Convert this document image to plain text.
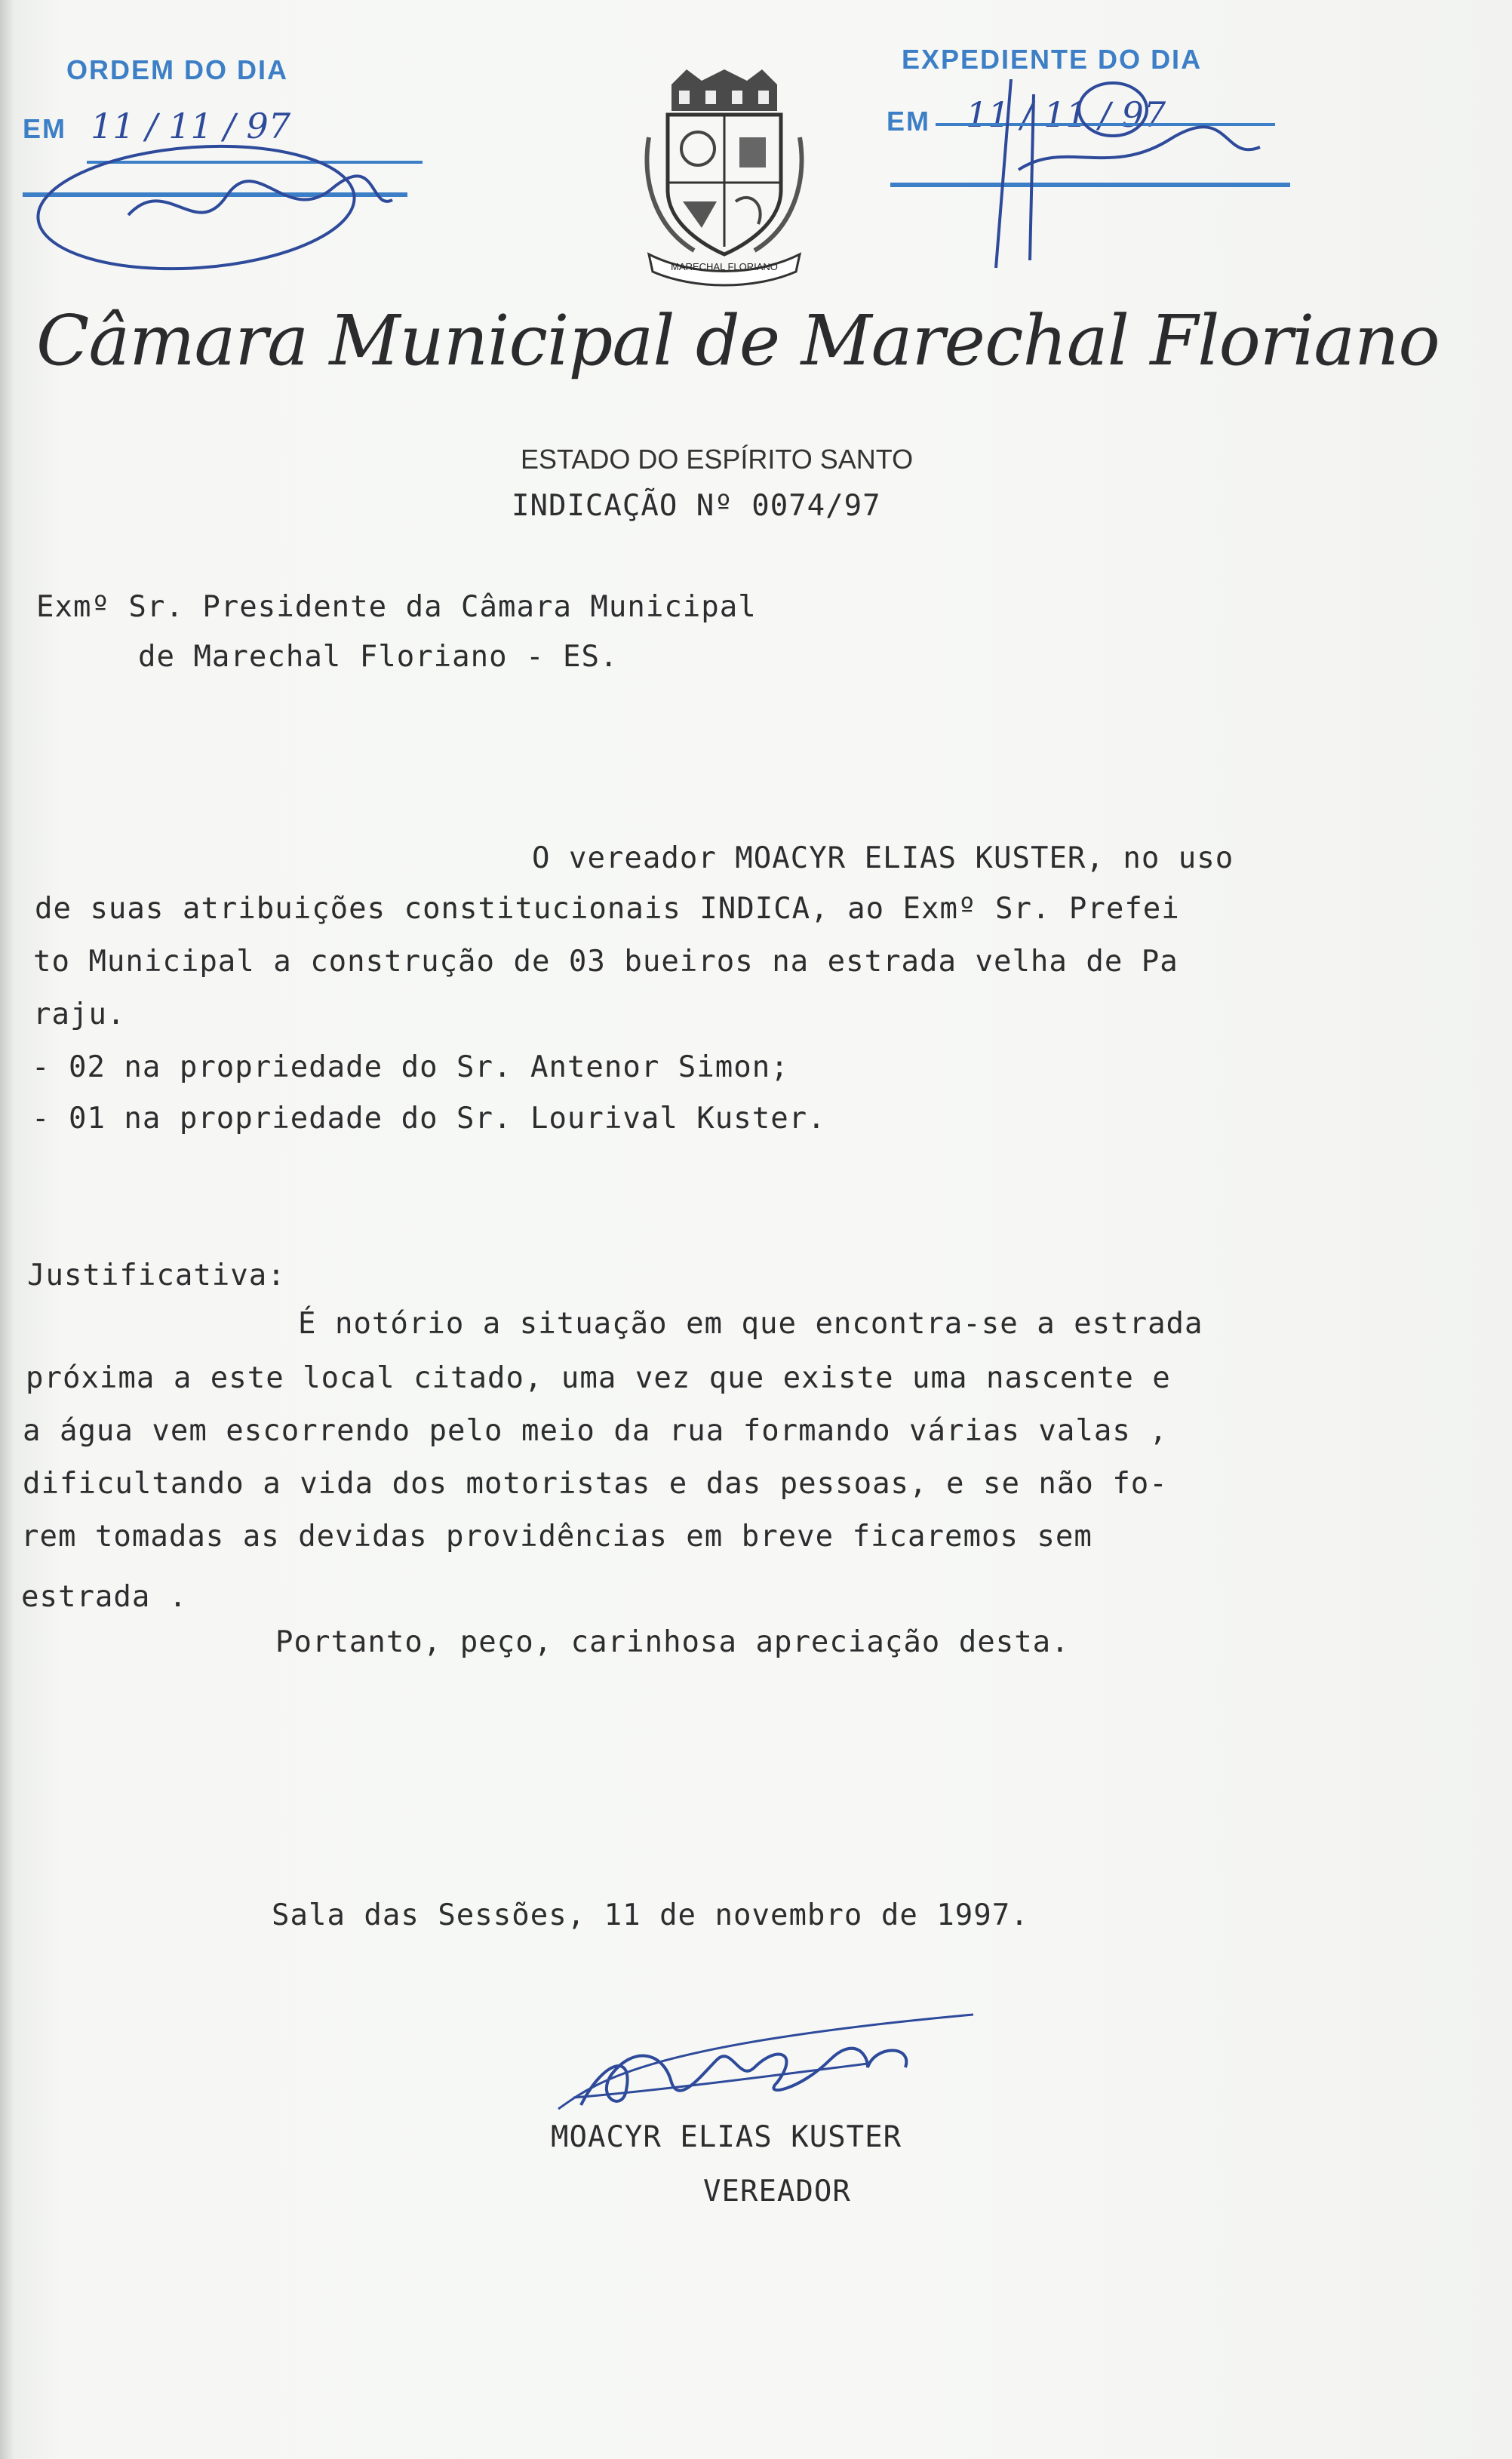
ORDEM DO DIA

EM 11 / 11 / 97

EXPEDIENTE DO DIA

EM 11 / 11 / 97

MARECHAL FLORIANO

Câmara Municipal de Marechal Floriano

ESTADO DO ESPÍRITO SANTO

INDICAÇÃO Nº 0074/97

Exmº Sr. Presidente da Câmara Municipal

de Marechal Floriano - ES.

O vereador MOACYR ELIAS KUSTER, no uso

de suas atribuições constitucionais INDICA, ao Exmº Sr. Prefei

to Municipal a construção de 03 bueiros na estrada velha de Pa

raju.

- 02 na propriedade do Sr. Antenor Simon;

- 01 na propriedade do Sr. Lourival Kuster.

Justificativa:

É notório a situação em que encontra-se a estrada

próxima a este local citado, uma vez que existe uma nascente e

a água vem escorrendo pelo meio da rua formando várias valas ,

dificultando a vida dos motoristas e das pessoas, e se não fo-

rem tomadas as devidas providências em breve ficaremos sem

estrada .

Portanto, peço, carinhosa apreciação desta.

Sala das Sessões, 11 de novembro de 1997.

MOACYR ELIAS KUSTER

VEREADOR
